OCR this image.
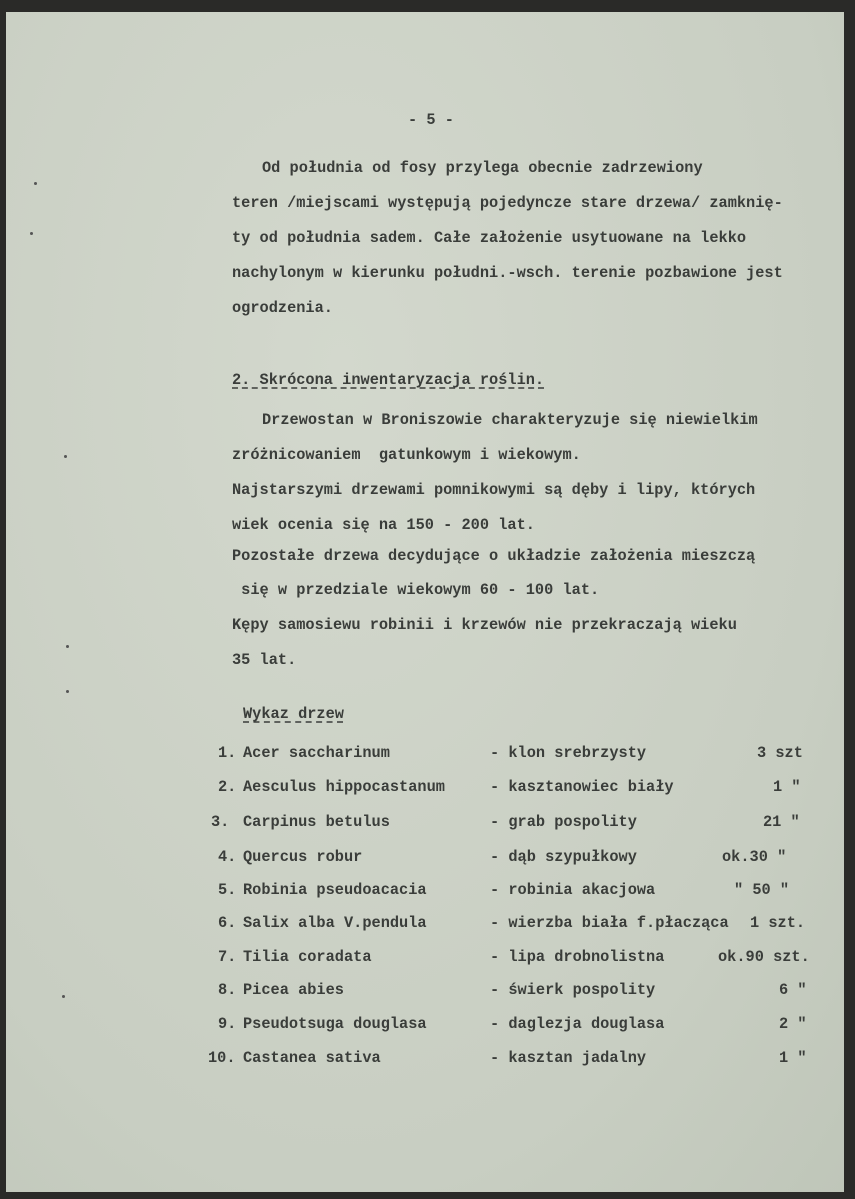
- 5 -
Od południa od fosy przylega obecnie zadrzewiony
teren /miejscami występują pojedyncze stare drzewa/ zamknię-
ty od południa sadem. Całe założenie usytuowane na lekko
nachylonym w kierunku południ.-wsch. terenie pozbawione jest
ogrodzenia.
2. Skrócona inwentaryzacja roślin.
Drzewostan w Broniszowie charakteryzuje się niewielkim
zróżnicowaniem  gatunkowym i wiekowym.
Najstarszymi drzewami pomnikowymi są dęby i lipy, których
wiek ocenia się na 150 - 200 lat.
Pozostałe drzewa decydujące o układzie założenia mieszczą
się w przedziale wiekowym 60 - 100 lat.
Kępy samosiewu robinii i krzewów nie przekraczają wieku
35 lat.
Wykaz drzew
1. Acer saccharinum	- klon srebrzysty	3 szt
2. Aesculus hippocastanum	- kasztanowiec biały	1 "
3. Carpinus betulus	- grab pospolity	21 "
4. Quercus robur	- dąb szypułkowy	ok.30 "
5. Robinia pseudoacacia	- robinia akacjowa	" 50 "
6. Salix alba V.pendula	- wierzba biała f.płacząca 1 szt.
7. Tilia coradata	- lipa drobnolistna	ok.90 szt.
8. Picea abies	- świerk pospolity	6 "
9. Pseudotsuga douglasa	- daglezja douglasa	2 "
10. Castanea sativa	- kasztan jadalny	1 "
